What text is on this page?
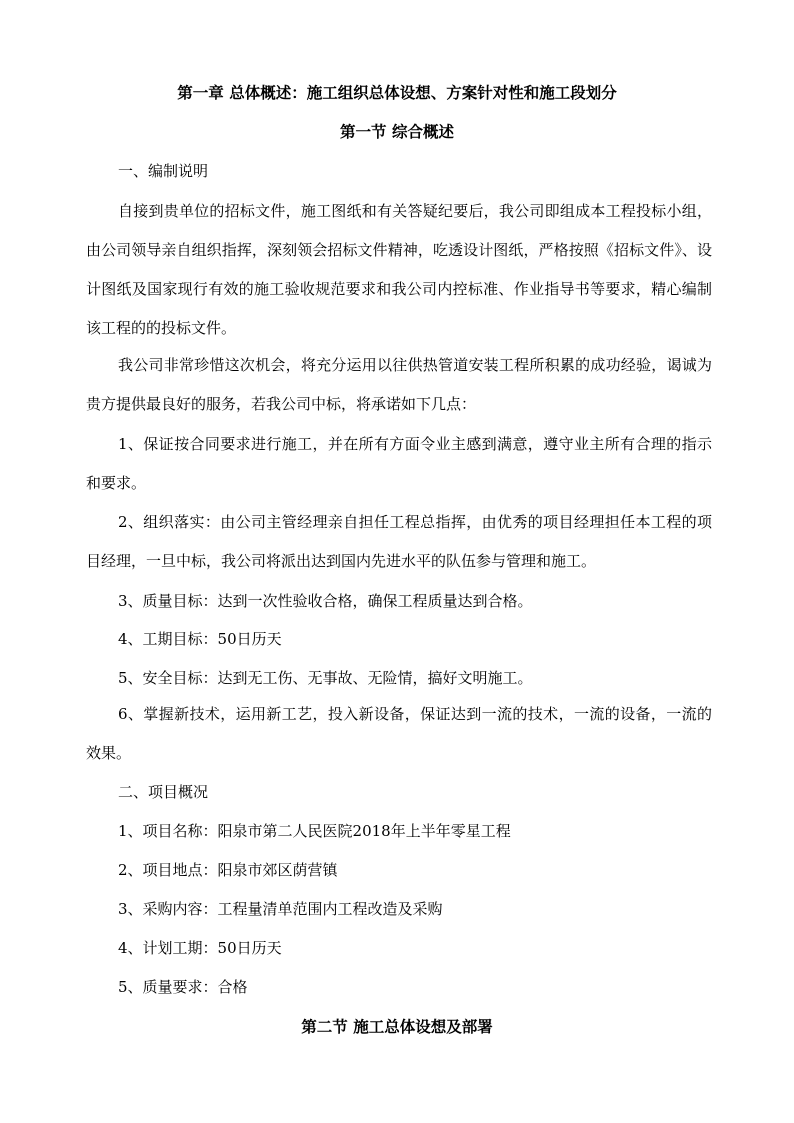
第一章 总体概述：施工组织总体设想、方案针对性和施工段划分
第一节 综合概述
一、编制说明
自接到贵单位的招标文件，施工图纸和有关答疑纪要后，我公司即组成本工程投标小组，由公司领导亲自组织指挥，深刻领会招标文件精神，吃透设计图纸，严格按照《招标文件》、设计图纸及国家现行有效的施工验收规范要求和我公司内控标准、作业指导书等要求，精心编制该工程的的投标文件。
我公司非常珍惜这次机会，将充分运用以往供热管道安装工程所积累的成功经验，谒诚为贵方提供最良好的服务，若我公司中标，将承诺如下几点：
1、保证按合同要求进行施工，并在所有方面令业主感到满意，遵守业主所有合理的指示和要求。
2、组织落实：由公司主管经理亲自担任工程总指挥，由优秀的项目经理担任本工程的项目经理，一旦中标，我公司将派出达到国内先进水平的队伍参与管理和施工。
3、质量目标：达到一次性验收合格，确保工程质量达到合格。
4、工期目标：50日历天
5、安全目标：达到无工伤、无事故、无险情，搞好文明施工。
6、掌握新技术，运用新工艺，投入新设备，保证达到一流的技术，一流的设备，一流的效果。
二、项目概况
1、项目名称：阳泉市第二人民医院2018年上半年零星工程
2、项目地点：阳泉市郊区荫营镇
3、采购内容：工程量清单范围内工程改造及采购
4、计划工期：50日历天
5、质量要求：合格
第二节 施工总体设想及部署
